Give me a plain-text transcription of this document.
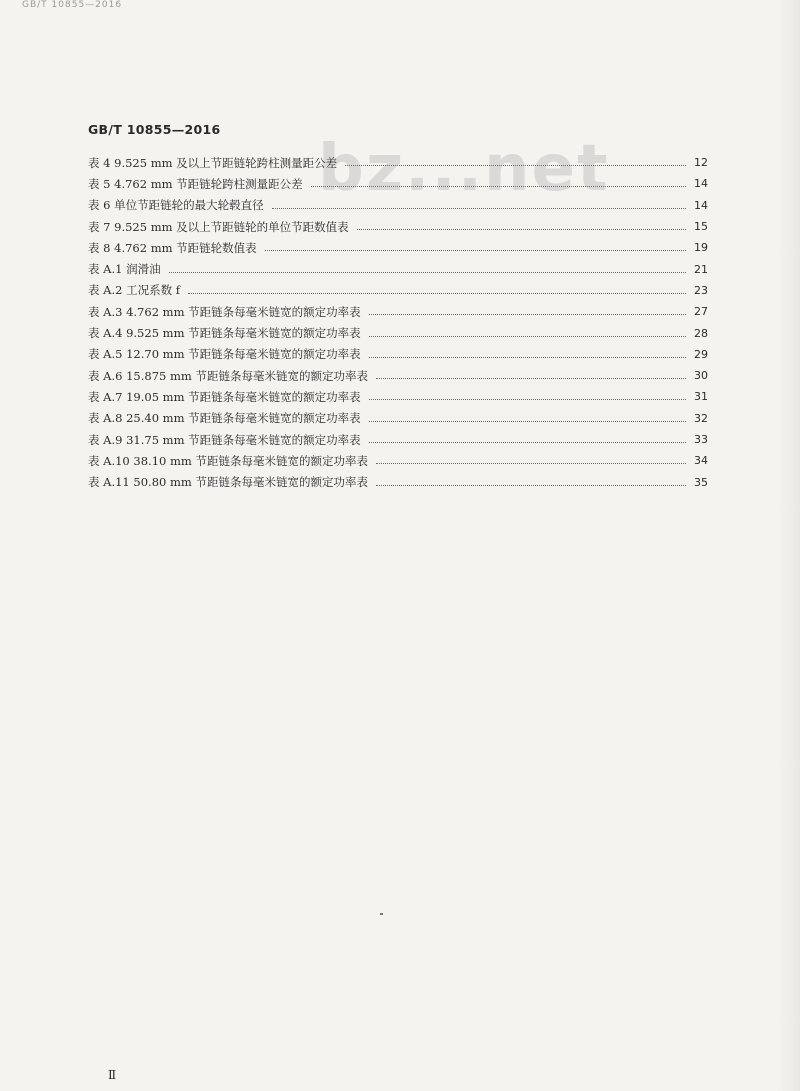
GB/T 10855—2016
GB/T 10855—2016
bz...net
表 4 9.525 mm 及以上节距链轮跨柱测量距公差	12
表 5 4.762 mm 节距链轮跨柱测量距公差	14
表 6 单位节距链轮的最大轮毂直径	14
表 7 9.525 mm 及以上节距链轮的单位节距数值表	15
表 8 4.762 mm 节距链轮数值表	19
表 A.1 润滑油	21
表 A.2 工况系数 f	23
表 A.3 4.762 mm 节距链条每毫米链宽的额定功率表	27
表 A.4 9.525 mm 节距链条每毫米链宽的额定功率表	28
表 A.5 12.70 mm 节距链条每毫米链宽的额定功率表	29
表 A.6 15.875 mm 节距链条每毫米链宽的额定功率表	30
表 A.7 19.05 mm 节距链条每毫米链宽的额定功率表	31
表 A.8 25.40 mm 节距链条每毫米链宽的额定功率表	32
表 A.9 31.75 mm 节距链条每毫米链宽的额定功率表	33
表 A.10 38.10 mm 节距链条每毫米链宽的额定功率表	34
表 A.11 50.80 mm 节距链条每毫米链宽的额定功率表	35
Ⅱ
